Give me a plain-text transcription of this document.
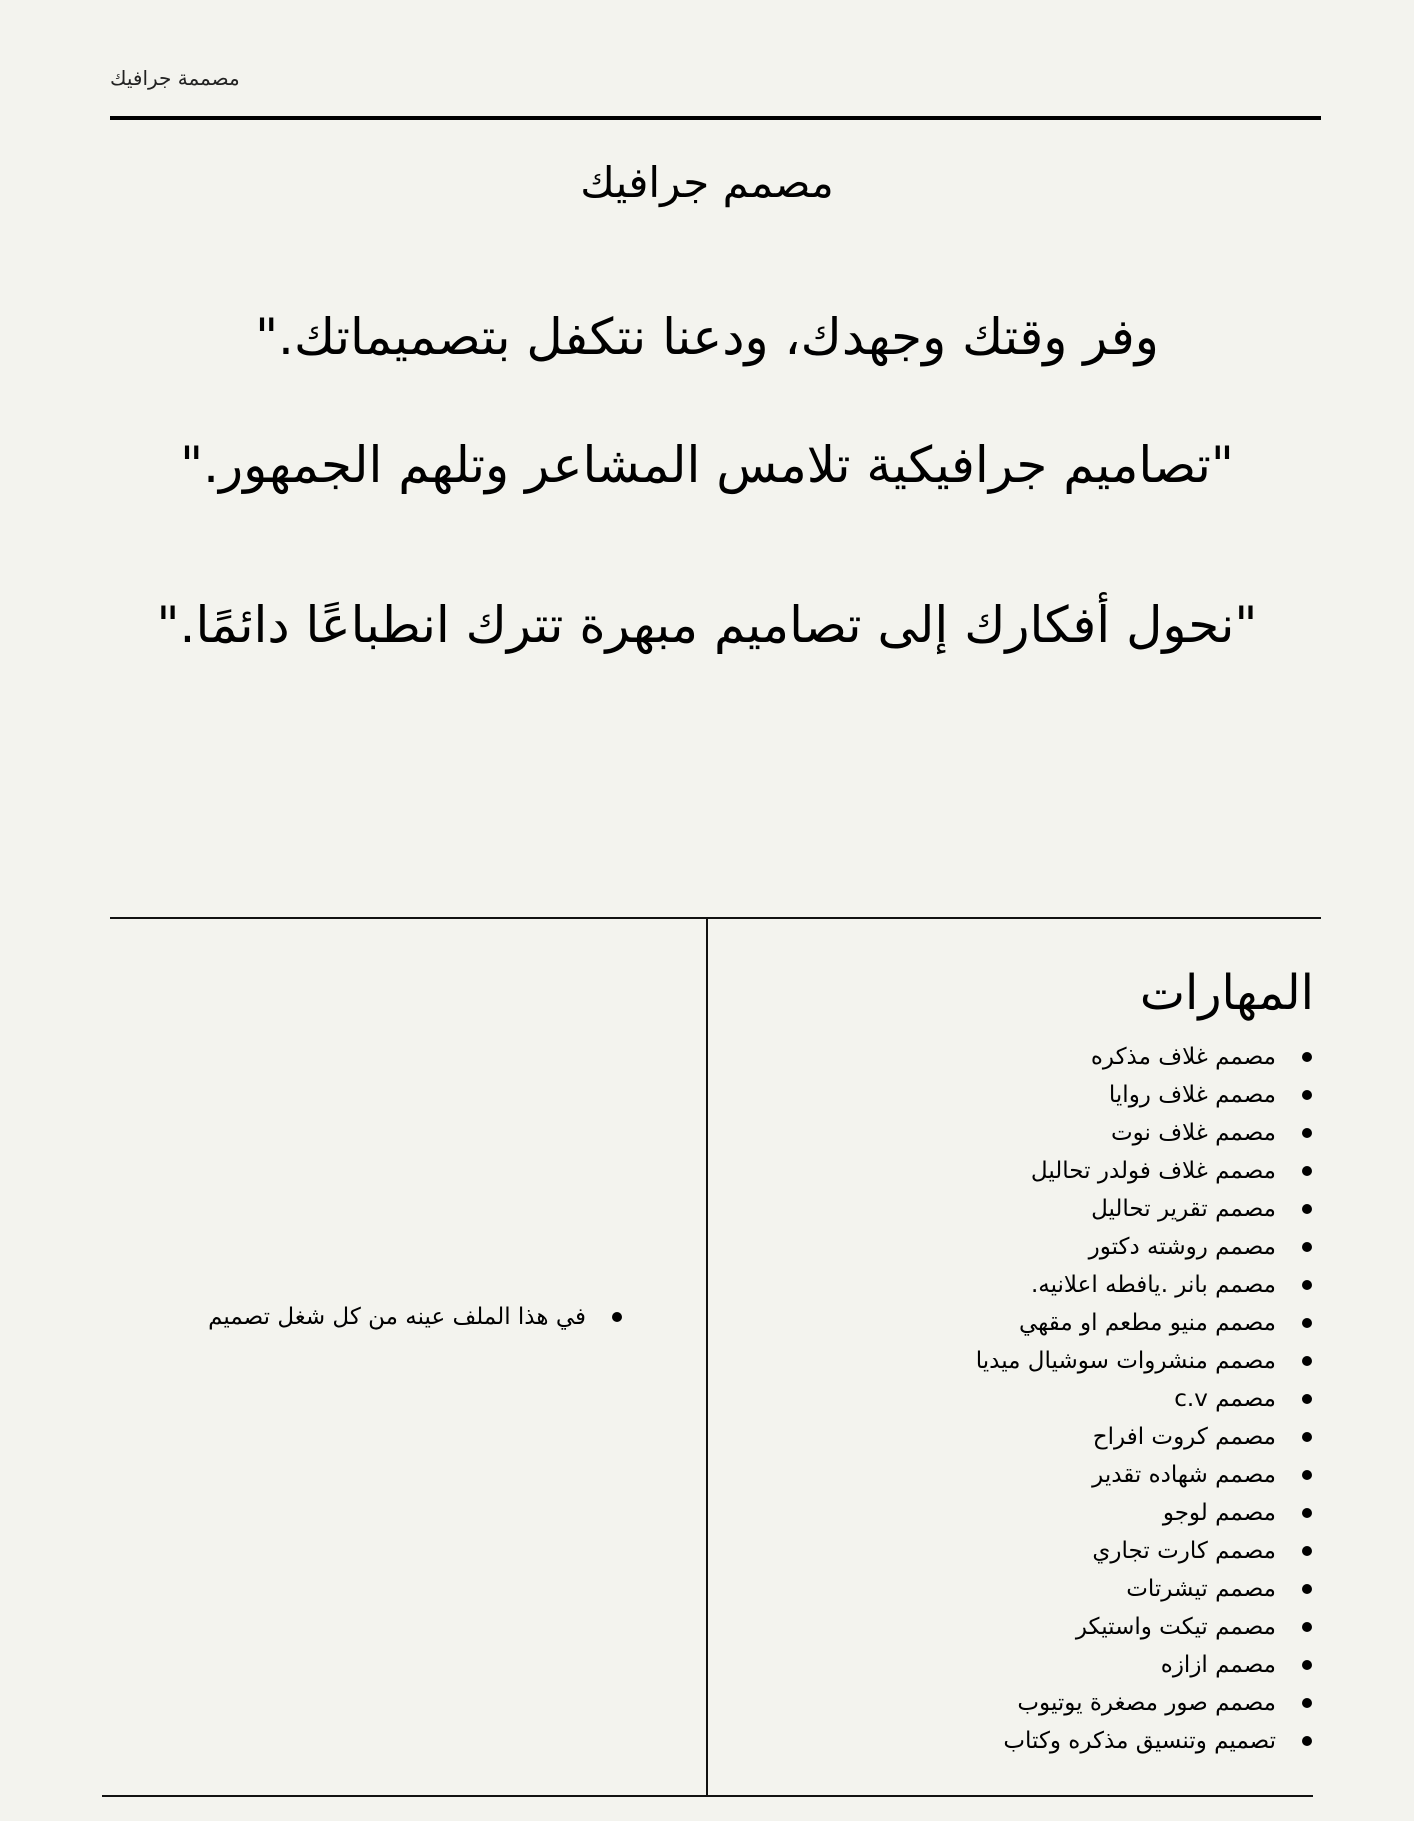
مصممة جرافيك
مصمم جرافيك
وفر وقتك وجهدك، ودعنا نتكفل بتصميماتك."
"تصاميم جرافيكية تلامس المشاعر وتلهم الجمهور."
"نحول أفكارك إلى تصاميم مبهرة تترك انطباعًا دائمًا."
في هذا الملف عينه من كل شغل تصميم
المهارات
مصمم غلاف مذكره
مصمم غلاف روايا
مصمم غلاف نوت
مصمم غلاف فولدر تحاليل
مصمم تقرير تحاليل
مصمم روشته دكتور
مصمم بانر .يافطه اعلانيه.
مصمم منيو مطعم او مقهي
مصمم منشروات سوشيال ميديا
مصمم c.v
مصمم كروت افراح
مصمم شهاده تقدير
مصمم لوجو
مصمم كارت تجاري
مصمم تيشرتات
مصمم تيكت واستيكر
مصمم ازازه
مصمم صور مصغرة يوتيوب
تصميم وتنسيق مذكره وكتاب
